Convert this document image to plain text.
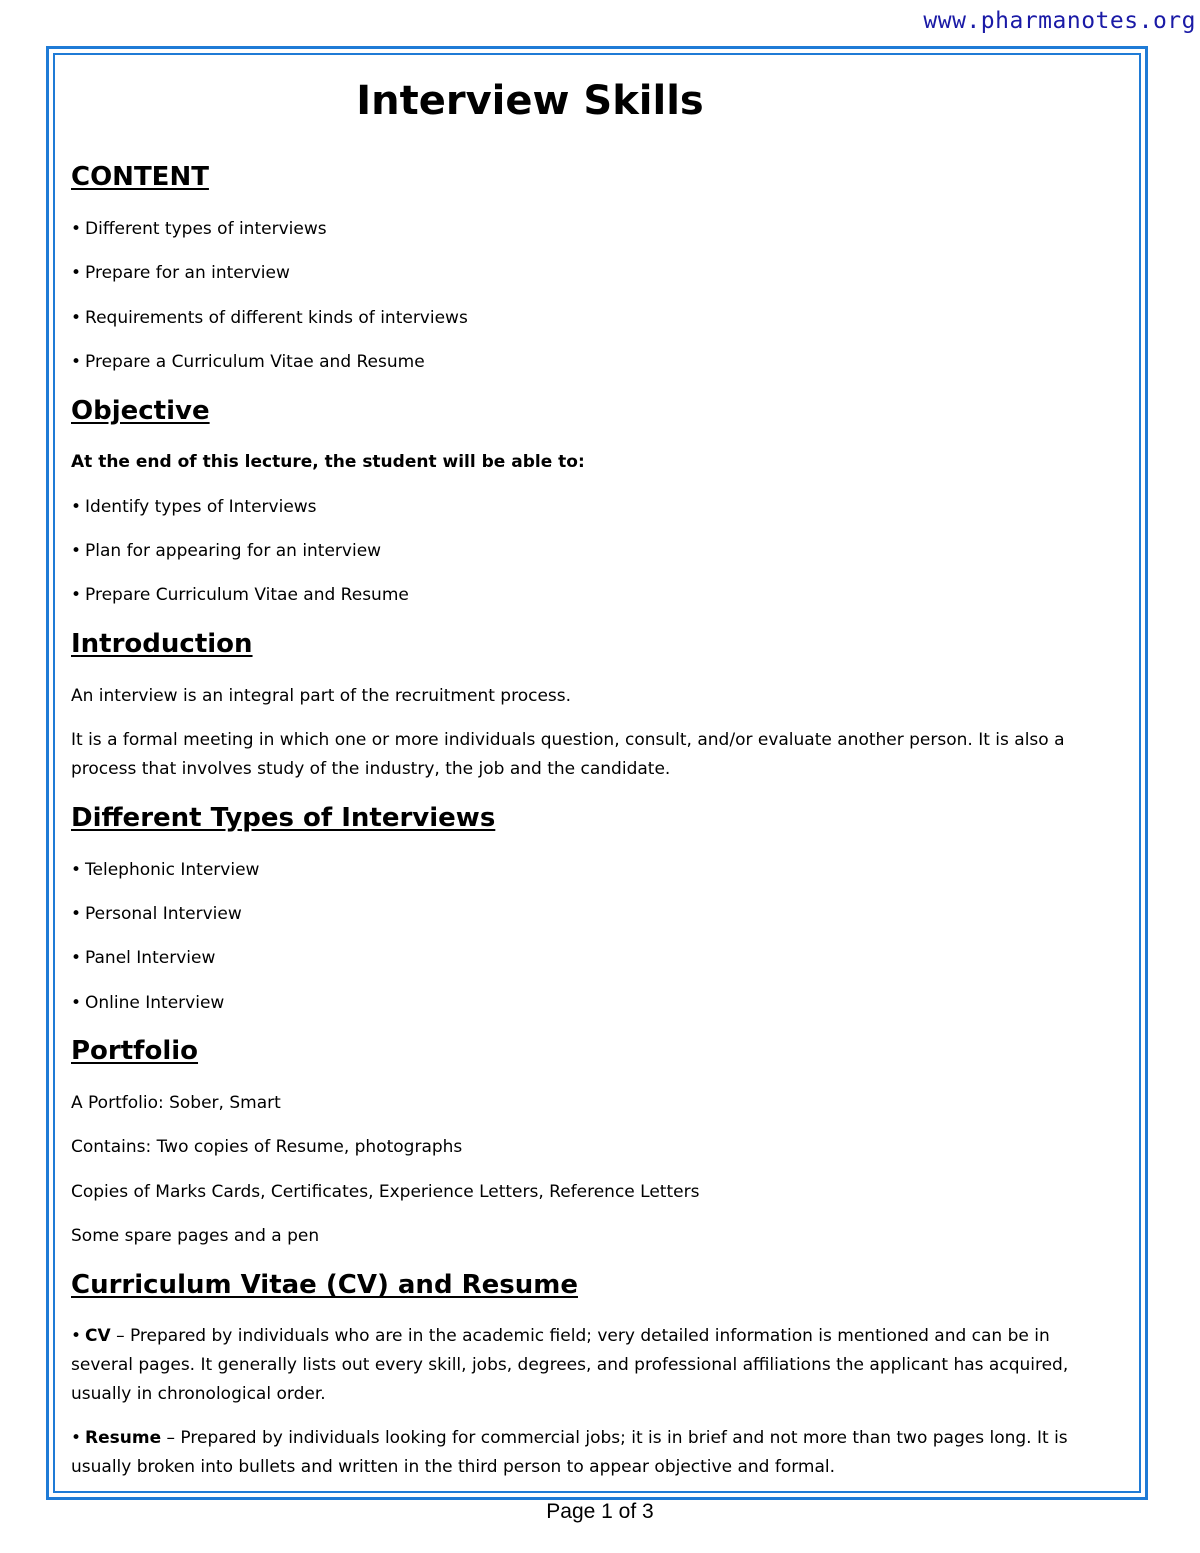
www.pharmanotes.org
Interview Skills
CONTENT
• Different types of interviews
• Prepare for an interview
• Requirements of different kinds of interviews
• Prepare a Curriculum Vitae and Resume
Objective
At the end of this lecture, the student will be able to:
• Identify types of Interviews
• Plan for appearing for an interview
• Prepare Curriculum Vitae and Resume
Introduction
An interview is an integral part of the recruitment process.
It is a formal meeting in which one or more individuals question, consult, and/or evaluate another person. It is also a process that involves study of the industry, the job and the candidate.
Different Types of Interviews
• Telephonic Interview
• Personal Interview
• Panel Interview
• Online Interview
Portfolio
A Portfolio: Sober, Smart
Contains: Two copies of Resume, photographs
Copies of Marks Cards, Certificates, Experience Letters, Reference Letters
Some spare pages and a pen
Curriculum Vitae (CV) and Resume
• CV – Prepared by individuals who are in the academic field; very detailed information is mentioned and can be in several pages. It generally lists out every skill, jobs, degrees, and professional affiliations the applicant has acquired, usually in chronological order.
• Resume – Prepared by individuals looking for commercial jobs; it is in brief and not more than two pages long. It is usually broken into bullets and written in the third person to appear objective and formal.
Page 1 of 3
